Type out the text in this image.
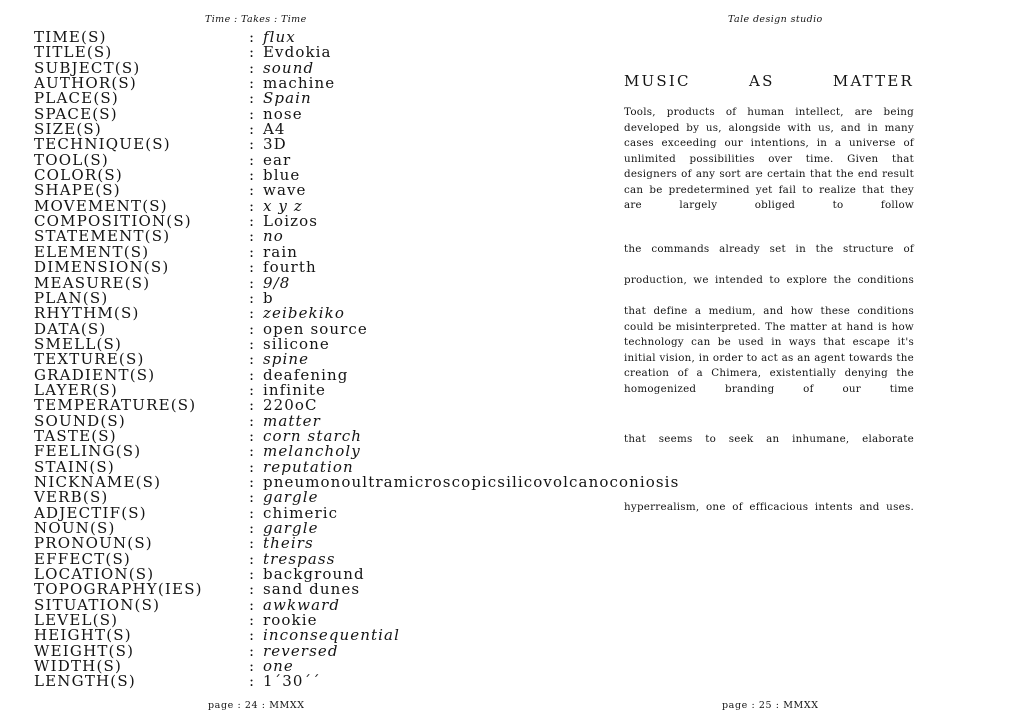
Time : Takes : Time
TIME(S)	: flux
TITLE(S)	: Evdokia
SUBJECT(S)	: sound
AUTHOR(S)	: machine
PLACE(S)	: Spain
SPACE(S)	: nose
SIZE(S)	: A4
TECHNIQUE(S)	: 3D
TOOL(S)	: ear
COLOR(S)	: blue
SHAPE(S)	: wave
MOVEMENT(S)	: x y z
COMPOSITION(S)	: Loizos
STATEMENT(S)	: no
ELEMENT(S)	: rain
DIMENSION(S)	: fourth
MEASURE(S)	: 9/8
PLAN(S)	: b
RHYTHM(S)	: zeibekiko
DATA(S)	: open source
SMELL(S)	: silicone
TEXTURE(S)	: spine
GRADIENT(S)	: deafening
LAYER(S)	: infinite
TEMPERATURE(S)	: 220oC
SOUND(S)	: matter
TASTE(S)	: corn starch
FEELING(S)	: melancholy
STAIN(S)	: reputation
NICKNAME(S)	: pneumonoultramicroscopicsilicovolcanoconiosis
VERB(S)	: gargle
ADJECTIF(S)	: chimeric
NOUN(S)	: gargle
PRONOUN(S)	: theirs
EFFECT(S)	: trespass
LOCATION(S)	: background
TOPOGRAPHY(IES)	: sand dunes
SITUATION(S)	: awkward
LEVEL(S)	: rookie
HEIGHT(S)	: inconsequential
WEIGHT(S)	: reversed
WIDTH(S)	: one
LENGTH(S)	: 1΄30΄΄
page : 24 : MMXX
Tale design studio
MUSIC	AS	MATTER

Tools, products of human intellect, are being developed by us, alongside with us, and in many cases exceeding our intentions, in a universe of unlimited possibilities over time. Given that designers of any sort are certain that the end result can be predetermined yet fail to realize that they are largely obliged to follow

the commands already set in the structure of

production, we intended to explore the conditions

that define a medium, and how these conditions could be misinterpreted. The matter at hand is how technology can be used in ways that escape it's initial vision, in order to act as an agent towards the creation of a Chimera, existentially denying the homogenized branding of our time

that seems to seek an inhumane, elaborate

hyperrealism, one of efficacious intents and uses.

page : 25 : MMXX
